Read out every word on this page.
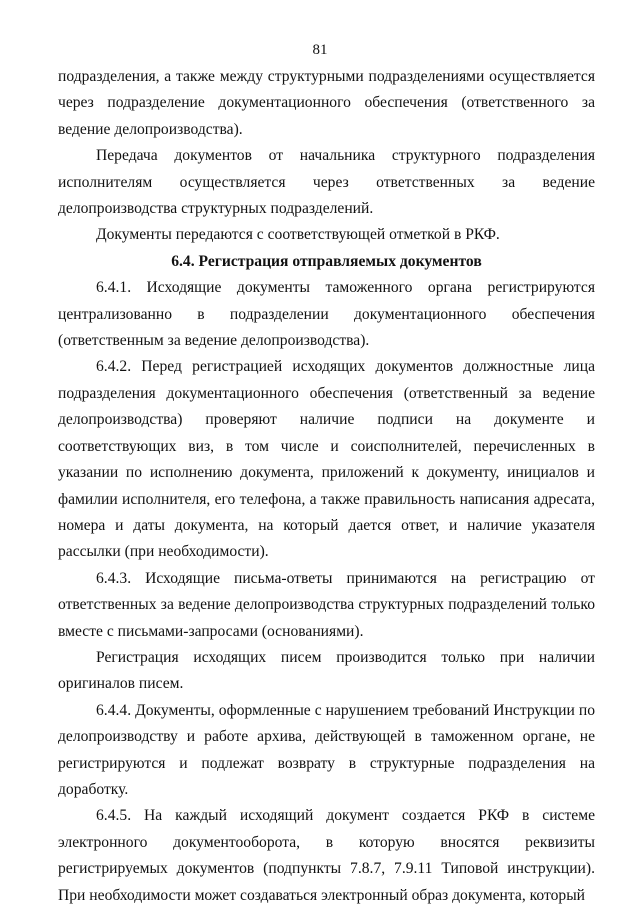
81

подразделения, а также между структурными подразделениями осуществляется через подразделение документационного обеспечения (ответственного за ведение делопроизводства).

Передача документов от начальника структурного подразделения исполнителям осуществляется через ответственных за ведение делопроизводства структурных подразделений.

Документы передаются с соответствующей отметкой в РКФ.

6.4. Регистрация отправляемых документов

6.4.1. Исходящие документы таможенного органа регистрируются централизованно в подразделении документационного обеспечения (ответственным за ведение делопроизводства).

6.4.2. Перед регистрацией исходящих документов должностные лица подразделения документационного обеспечения (ответственный за ведение делопроизводства) проверяют наличие подписи на документе и соответствующих виз, в том числе и соисполнителей, перечисленных в указании по исполнению документа, приложений к документу, инициалов и фамилии исполнителя, его телефона, а также правильность написания адресата, номера и даты документа, на который дается ответ, и наличие указателя рассылки (при необходимости).

6.4.3. Исходящие письма-ответы принимаются на регистрацию от ответственных за ведение делопроизводства структурных подразделений только вместе с письмами-запросами (основаниями).

Регистрация исходящих писем производится только при наличии оригиналов писем.

6.4.4. Документы, оформленные с нарушением требований Инструкции по делопроизводству и работе архива, действующей в таможенном органе, не регистрируются и подлежат возврату в структурные подразделения на доработку.

6.4.5. На каждый исходящий документ создается РКФ в системе электронного документооборота, в которую вносятся реквизиты регистрируемых документов (подпункты 7.8.7, 7.9.11 Типовой инструкции). При необходимости может создаваться электронный образ документа, который
